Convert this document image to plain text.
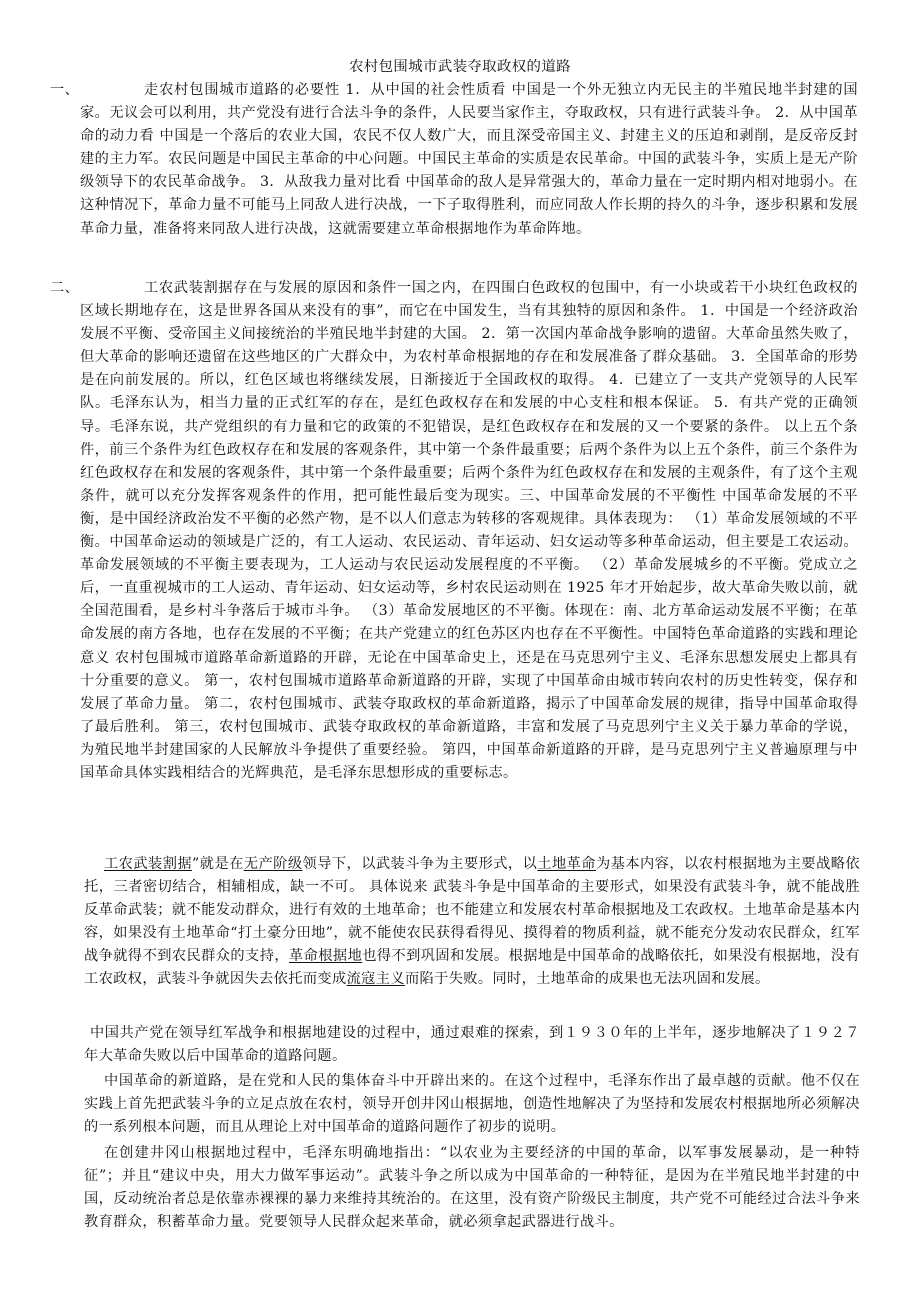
农村包围城市武装夺取政权的道路
一、	走农村包围城市道路的必要性 1．从中国的社会性质看 中国是一个外无独立内无民主的半殖民地半封建的国家。无议会可以利用，共产党没有进行合法斗争的条件，人民要当家作主，夺取政权，只有进行武装斗争。 2．从中国革命的动力看 中国是一个落后的农业大国，农民不仅人数广大，而且深受帝国主义、封建主义的压迫和剥削，是反帝反封建的主力军。农民问题是中国民主革命的中心问题。中国民主革命的实质是农民革命。中国的武装斗争，实质上是无产阶级领导下的农民革命战争。 3．从敌我力量对比看 中国革命的敌人是异常强大的，革命力量在一定时期内相对地弱小。在这种情况下，革命力量不可能马上同敌人进行决战，一下子取得胜利，而应同敌人作长期的持久的斗争，逐步积累和发展革命力量，准备将来同敌人进行决战，这就需要建立革命根据地作为革命阵地。
二、	工农武装割据存在与发展的原因和条件一国之内，在四围白色政权的包围中，有一小块或若干小块红色政权的区域长期地存在，这是世界各国从来没有的事”，而它在中国发生，当有其独特的原因和条件。 1．中国是一个经济政治发展不平衡、受帝国主义间接统治的半殖民地半封建的大国。 2．第一次国内革命战争影响的遗留。大革命虽然失败了，但大革命的影响还遗留在这些地区的广大群众中，为农村革命根据地的存在和发展准备了群众基础。 3．全国革命的形势是在向前发展的。所以，红色区域也将继续发展，日渐接近于全国政权的取得。 4．已建立了一支共产党领导的人民军队。毛泽东认为，相当力量的正式红军的存在，是红色政权存在和发展的中心支柱和根本保证。 5．有共产党的正确领导。毛泽东说，共产党组织的有力量和它的政策的不犯错误，是红色政权存在和发展的又一个要紧的条件。 以上五个条件，前三个条件为红色政权存在和发展的客观条件，其中第一个条件最重要；后两个条件为以上五个条件，前三个条件为红色政权存在和发展的客观条件，其中第一个条件最重要；后两个条件为红色政权存在和发展的主观条件，有了这个主观条件，就可以充分发挥客观条件的作用，把可能性最后变为现实。三、中国革命发展的不平衡性 中国革命发展的不平衡，是中国经济政治发不平衡的必然产物，是不以人们意志为转移的客观规律。具体表现为： （1）革命发展领域的不平衡。中国革命运动的领域是广泛的，有工人运动、农民运动、青年运动、妇女运动等多种革命运动，但主要是工农运动。革命发展领域的不平衡主要表现为，工人运动与农民运动发展程度的不平衡。 （2）革命发展城乡的不平衡。党成立之后，一直重视城市的工人运动、青年运动、妇女运动等，乡村农民运动则在 1925 年才开始起步，故大革命失败以前，就全国范围看，是乡村斗争落后于城市斗争。 （3）革命发展地区的不平衡。体现在：南、北方革命运动发展不平衡；在革命发展的南方各地，也存在发展的不平衡；在共产党建立的红色苏区内也存在不平衡性。中国特色革命道路的实践和理论意义 农村包围城市道路革命新道路的开辟，无论在中国革命史上，还是在马克思列宁主义、毛泽东思想发展史上都具有十分重要的意义。 第一，农村包围城市道路革命新道路的开辟，实现了中国革命由城市转向农村的历史性转变，保存和发展了革命力量。 第二，农村包围城市、武装夺取政权的革命新道路，揭示了中国革命发展的规律，指导中国革命取得了最后胜利。 第三，农村包围城市、武装夺取政权的革命新道路，丰富和发展了马克思列宁主义关于暴力革命的学说，为殖民地半封建国家的人民解放斗争提供了重要经验。 第四，中国革命新道路的开辟，是马克思列宁主义普遍原理与中国革命具体实践相结合的光辉典范，是毛泽东思想形成的重要标志。
工农武装割据”就是在无产阶级领导下，以武装斗争为主要形式，以土地革命为基本内容，以农村根据地为主要战略依托，三者密切结合，相辅相成，缺一不可。 具体说来 武装斗争是中国革命的主要形式，如果没有武装斗争，就不能战胜反革命武装；就不能发动群众，进行有效的土地革命；也不能建立和发展农村革命根据地及工农政权。土地革命是基本内容，如果没有土地革命“打土豪分田地”，就不能使农民获得看得见、摸得着的物质利益，就不能充分发动农民群众，红军战争就得不到农民群众的支持，革命根据地也得不到巩固和发展。根据地是中国革命的战略依托，如果没有根据地，没有工农政权，武装斗争就因失去依托而变成流寇主义而陷于失败。同时，土地革命的成果也无法巩固和发展。
中国共产党在领导红军战争和根据地建设的过程中，通过艰难的探索，到１９３０年的上半年，逐步地解决了１９２７年大革命失败以后中国革命的道路问题。
中国革命的新道路，是在党和人民的集体奋斗中开辟出来的。在这个过程中，毛泽东作出了最卓越的贡献。他不仅在实践上首先把武装斗争的立足点放在农村，领导开创井冈山根据地，创造性地解决了为坚持和发展农村根据地所必须解决的一系列根本问题，而且从理论上对中国革命的道路问题作了初步的说明。
在创建井冈山根据地过程中，毛泽东明确地指出：“以农业为主要经济的中国的革命，以军事发展暴动，是一种特征”；并且“建议中央，用大力做军事运动”。武装斗争之所以成为中国革命的一种特征，是因为在半殖民地半封建的中国，反动统治者总是依靠赤裸裸的暴力来维持其统治的。在这里，没有资产阶级民主制度，共产党不可能经过合法斗争来教育群众，积蓄革命力量。党要领导人民群众起来革命，就必须拿起武器进行战斗。
